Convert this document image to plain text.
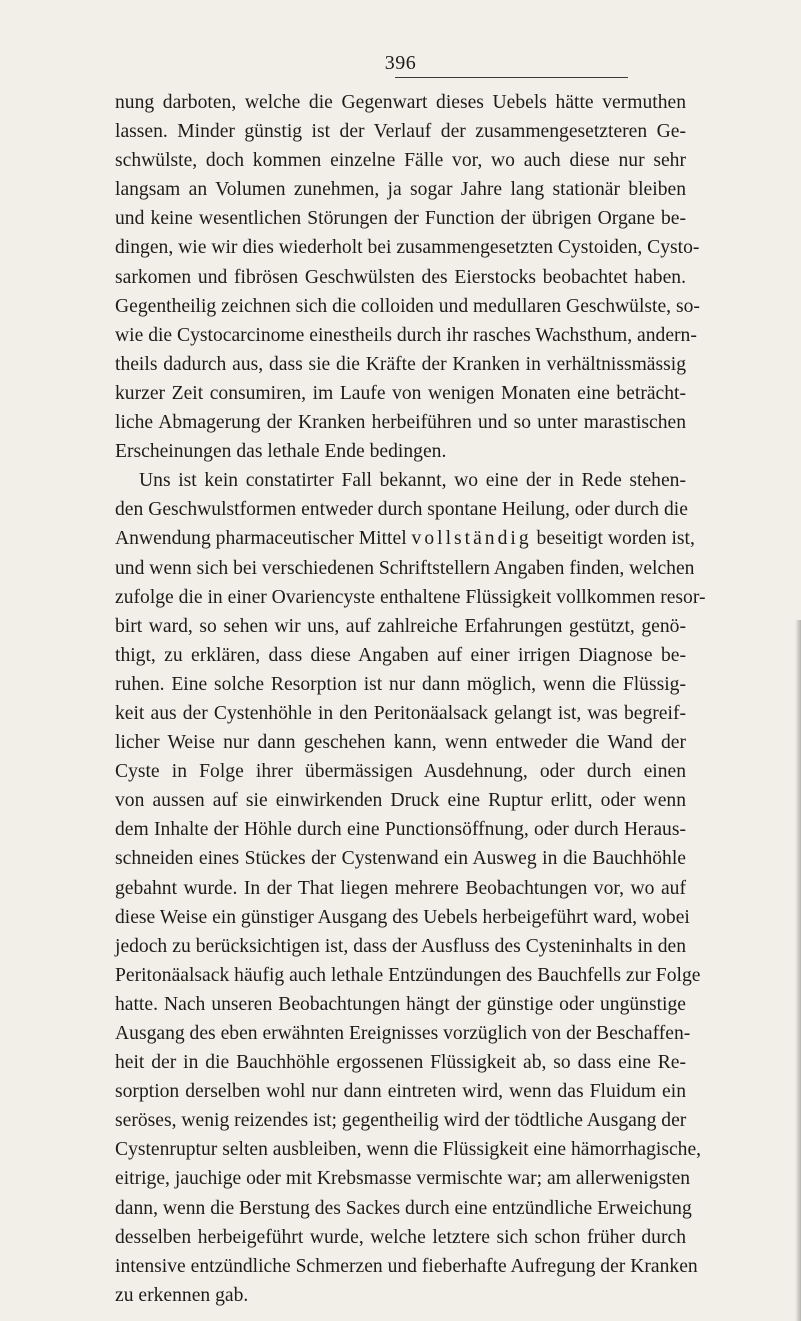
396
nung darboten, welche die Gegenwart dieses Uebels hätte vermuthen
lassen. Minder günstig ist der Verlauf der zusammengesetzteren Ge-
schwülste, doch kommen einzelne Fälle vor, wo auch diese nur sehr
langsam an Volumen zunehmen, ja sogar Jahre lang stationär bleiben
und keine wesentlichen Störungen der Function der übrigen Organe be-
dingen, wie wir dies wiederholt bei zusammengesetzten Cystoiden, Cysto-
sarkomen und fibrösen Geschwülsten des Eierstocks beobachtet haben.
Gegentheilig zeichnen sich die colloiden und medullaren Geschwülste, so-
wie die Cystocarcinome einestheils durch ihr rasches Wachsthum, andern-
theils dadurch aus, dass sie die Kräfte der Kranken in verhältnissmässig
kurzer Zeit consumiren, im Laufe von wenigen Monaten eine beträcht-
liche Abmagerung der Kranken herbeiführen und so unter marastischen
Erscheinungen das lethale Ende bedingen.
Uns ist kein constatirter Fall bekannt, wo eine der in Rede stehen-
den Geschwulstformen entweder durch spontane Heilung, oder durch die
Anwendung pharmaceutischer Mittel vollständig beseitigt worden ist,
und wenn sich bei verschiedenen Schriftstellern Angaben finden, welchen
zufolge die in einer Ovariencyste enthaltene Flüssigkeit vollkommen resor-
birt ward, so sehen wir uns, auf zahlreiche Erfahrungen gestützt, genö-
thigt, zu erklären, dass diese Angaben auf einer irrigen Diagnose be-
ruhen. Eine solche Resorption ist nur dann möglich, wenn die Flüssig-
keit aus der Cystenhöhle in den Peritonäalsack gelangt ist, was begreif-
licher Weise nur dann geschehen kann, wenn entweder die Wand der
Cyste in Folge ihrer übermässigen Ausdehnung, oder durch einen
von aussen auf sie einwirkenden Druck eine Ruptur erlitt, oder wenn
dem Inhalte der Höhle durch eine Punctionsöffnung, oder durch Heraus-
schneiden eines Stückes der Cystenwand ein Ausweg in die Bauchhöhle
gebahnt wurde. In der That liegen mehrere Beobachtungen vor, wo auf
diese Weise ein günstiger Ausgang des Uebels herbeigeführt ward, wobei
jedoch zu berücksichtigen ist, dass der Ausfluss des Cysteninhalts in den
Peritonäalsack häufig auch lethale Entzündungen des Bauchfells zur Folge
hatte. Nach unseren Beobachtungen hängt der günstige oder ungünstige
Ausgang des eben erwähnten Ereignisses vorzüglich von der Beschaffen-
heit der in die Bauchhöhle ergossenen Flüssigkeit ab, so dass eine Re-
sorption derselben wohl nur dann eintreten wird, wenn das Fluidum ein
seröses, wenig reizendes ist; gegentheilig wird der tödtliche Ausgang der
Cystenruptur selten ausbleiben, wenn die Flüssigkeit eine hämorrhagische,
eitrige, jauchige oder mit Krebsmasse vermischte war; am allerwenigsten
dann, wenn die Berstung des Sackes durch eine entzündliche Erweichung
desselben herbeigeführt wurde, welche letztere sich schon früher durch
intensive entzündliche Schmerzen und fieberhafte Aufregung der Kranken
zu erkennen gab.
